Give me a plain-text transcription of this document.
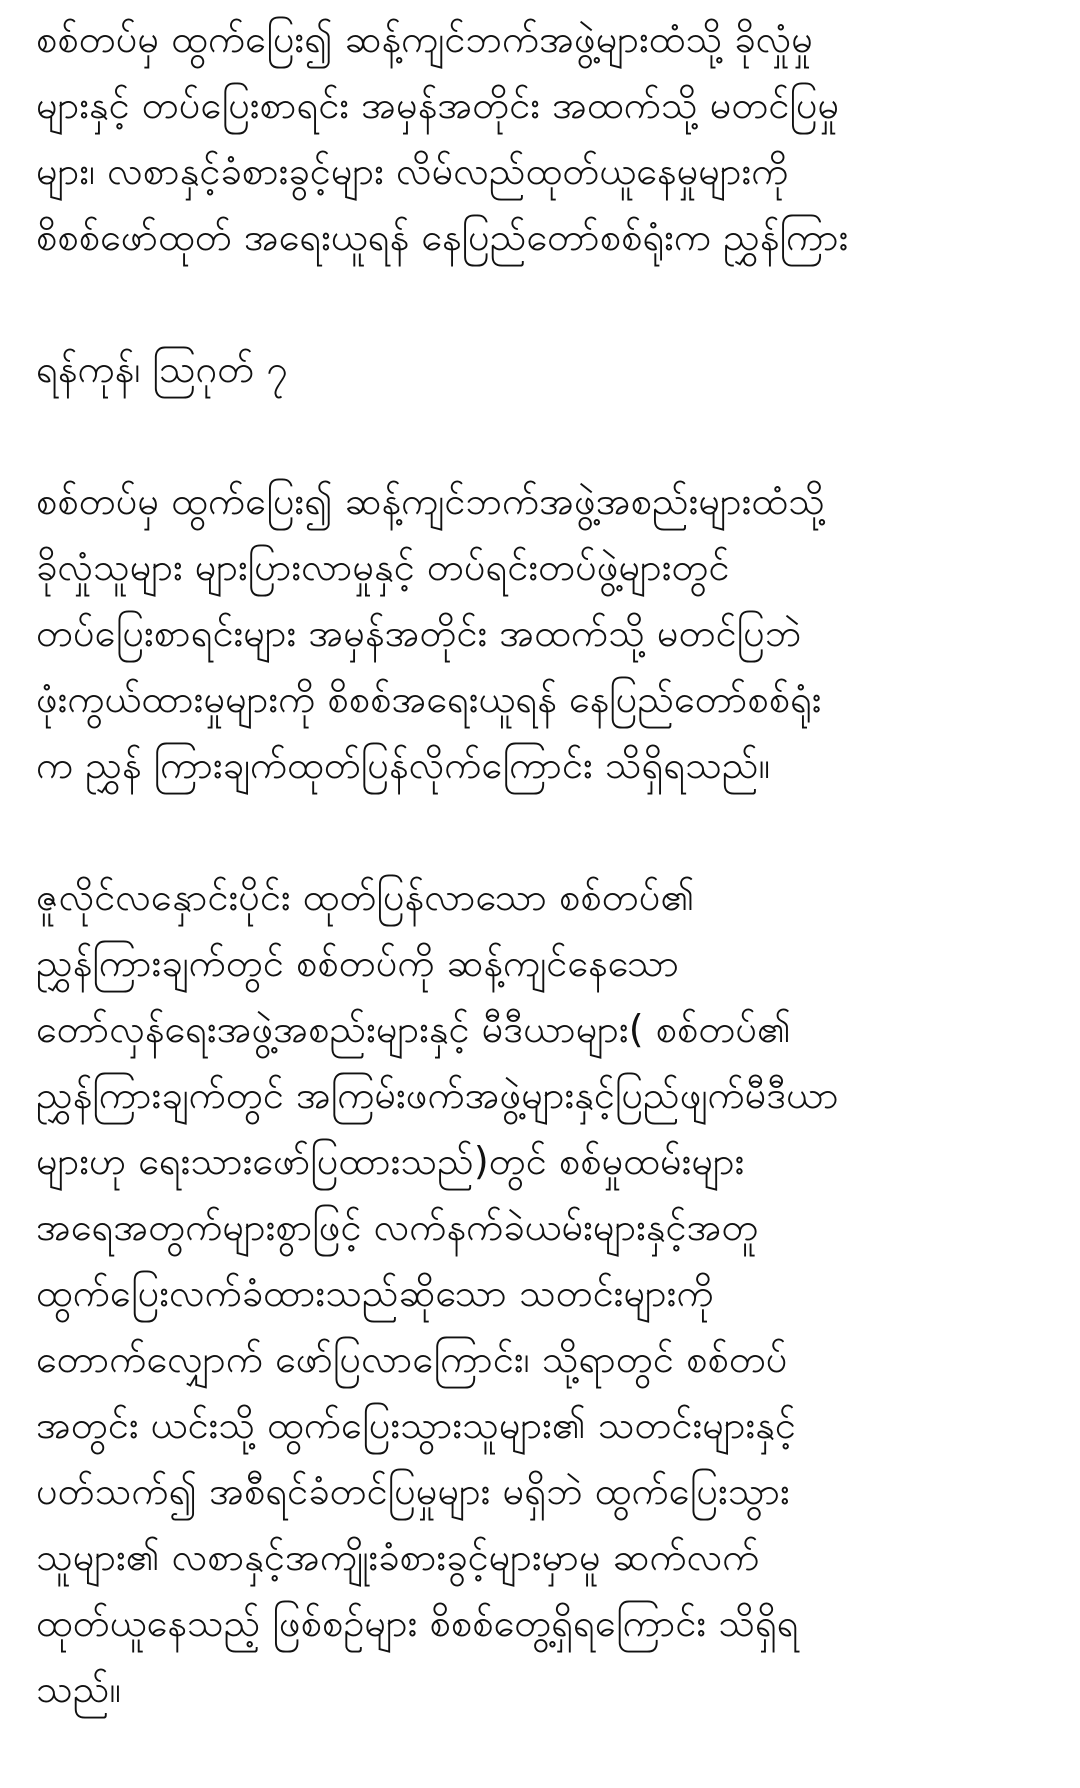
စစ်တပ်မှ ထွက်ပြေး၍ ဆန့်ကျင်ဘက်အဖွဲ့များထံသို့ ခိုလှုံမှု
များနှင့် တပ်ပြေးစာရင်း အမှန်အတိုင်း အထက်သို့ မတင်ပြမှု
များ၊ လစာနှင့်ခံစားခွင့်များ လိမ်လည်ထုတ်ယူနေမှုများကို
စိစစ်ဖော်ထုတ် အရေးယူရန် နေပြည်တော်စစ်ရုံးက ညွှန်ကြား
ရန်ကုန်၊ ဩဂုတ် ၇
စစ်တပ်မှ ထွက်ပြေး၍ ဆန့်ကျင်ဘက်အဖွဲ့အစည်းများထံသို့
ခိုလှုံသူများ များပြားလာမှုနှင့် တပ်ရင်းတပ်ဖွဲ့များတွင်
တပ်ပြေးစာရင်းများ အမှန်အတိုင်း အထက်သို့ မတင်ပြဘဲ
ဖုံးကွယ်ထားမှုများကို စိစစ်အရေးယူရန် နေပြည်တော်စစ်ရုံး
က ညွှန် ကြားချက်ထုတ်ပြန်လိုက်ကြောင်း သိရှိရသည်။
ဇူလိုင်လနှောင်းပိုင်း ထုတ်ပြန်လာသော စစ်တပ်၏
ညွှန်ကြားချက်တွင် စစ်တပ်ကို ဆန့်ကျင်နေသော
တော်လှန်ရေးအဖွဲ့အစည်းများနှင့် မီဒီယာများ( စစ်တပ်၏
ညွှန်ကြားချက်တွင် အကြမ်းဖက်အဖွဲ့များနှင့်ပြည်ဖျက်မီဒီယာ
များဟု ရေးသားဖော်ပြထားသည်)တွင် စစ်မှုထမ်းများ
အရေအတွက်များစွာဖြင့် လက်နက်ခဲယမ်းများနှင့်အတူ
ထွက်ပြေးလက်ခံထားသည်ဆိုသော သတင်းများကို
တောက်လျှောက် ဖော်ပြလာကြောင်း၊ သို့ရာတွင် စစ်တပ်
အတွင်း ယင်းသို့ ထွက်ပြေးသွားသူများ၏ သတင်းများနှင့်
ပတ်သက်၍ အစီရင်ခံတင်ပြမှုများ မရှိဘဲ ထွက်ပြေးသွား
သူများ၏ လစာနှင့်အကျိုးခံစားခွင့်များမှာမူ ဆက်လက်
ထုတ်ယူနေသည့် ဖြစ်စဉ်များ စိစစ်တွေ့ရှိရကြောင်း သိရှိရ
သည်။
